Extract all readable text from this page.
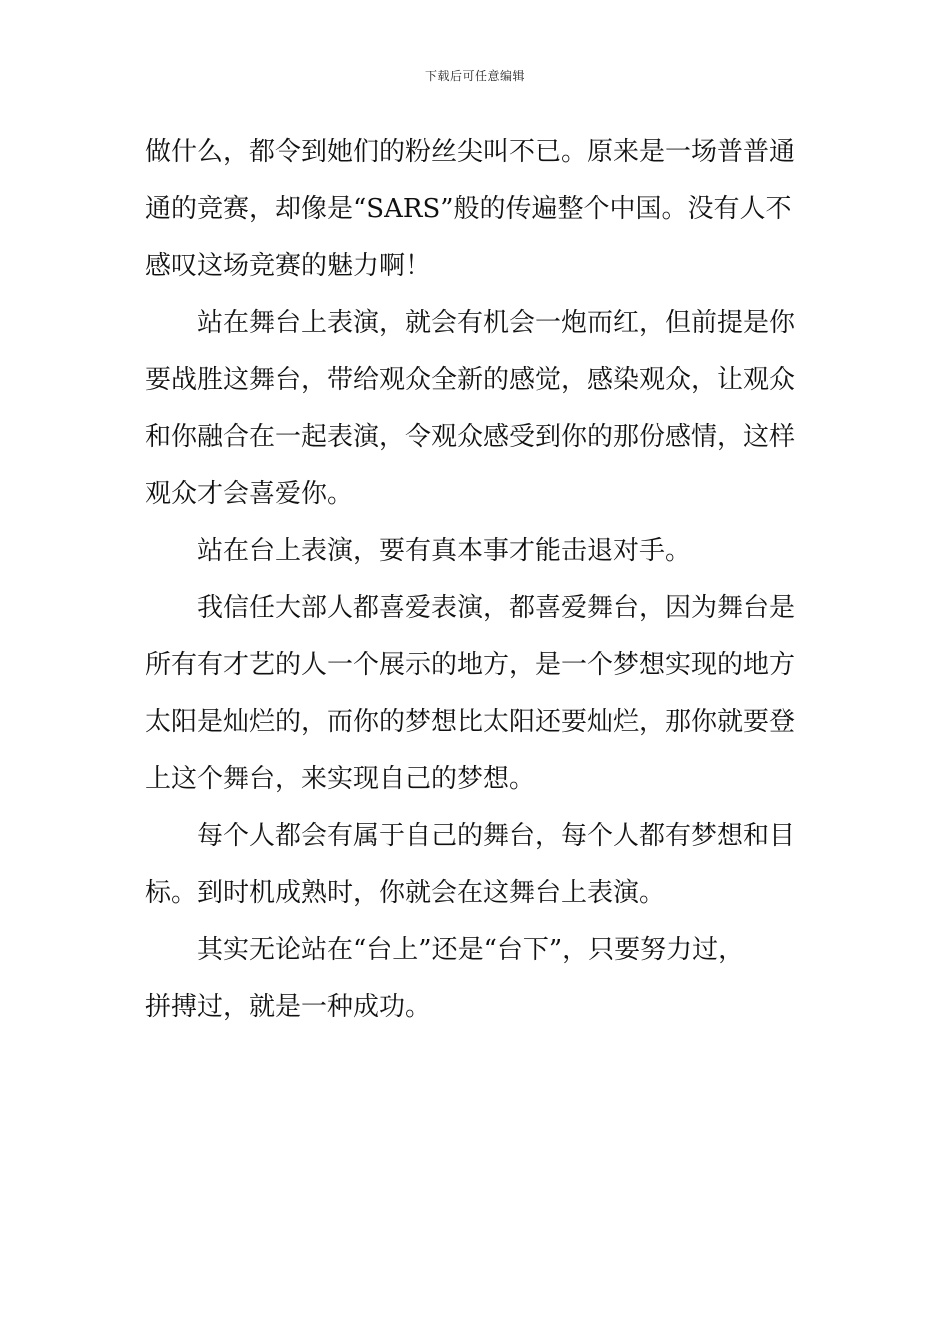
下载后可任意编辑
做什么，都令到她们的粉丝尖叫不已。原来是一场普普通
通的竞赛，却像是“SARS”般的传遍整个中国。没有人不
感叹这场竞赛的魅力啊！
站在舞台上表演，就会有机会一炮而红，但前提是你
要战胜这舞台，带给观众全新的感觉，感染观众，让观众
和你融合在一起表演，令观众感受到你的那份感情，这样
观众才会喜爱你。
站在台上表演，要有真本事才能击退对手。
我信任大部人都喜爱表演，都喜爱舞台，因为舞台是
所有有才艺的人一个展示的地方，是一个梦想实现的地方
太阳是灿烂的，而你的梦想比太阳还要灿烂，那你就要登
上这个舞台，来实现自己的梦想。
每个人都会有属于自己的舞台，每个人都有梦想和目
标。到时机成熟时，你就会在这舞台上表演。
其实无论站在“台上”还是“台下”，只要努力过，
拼搏过，就是一种成功。
